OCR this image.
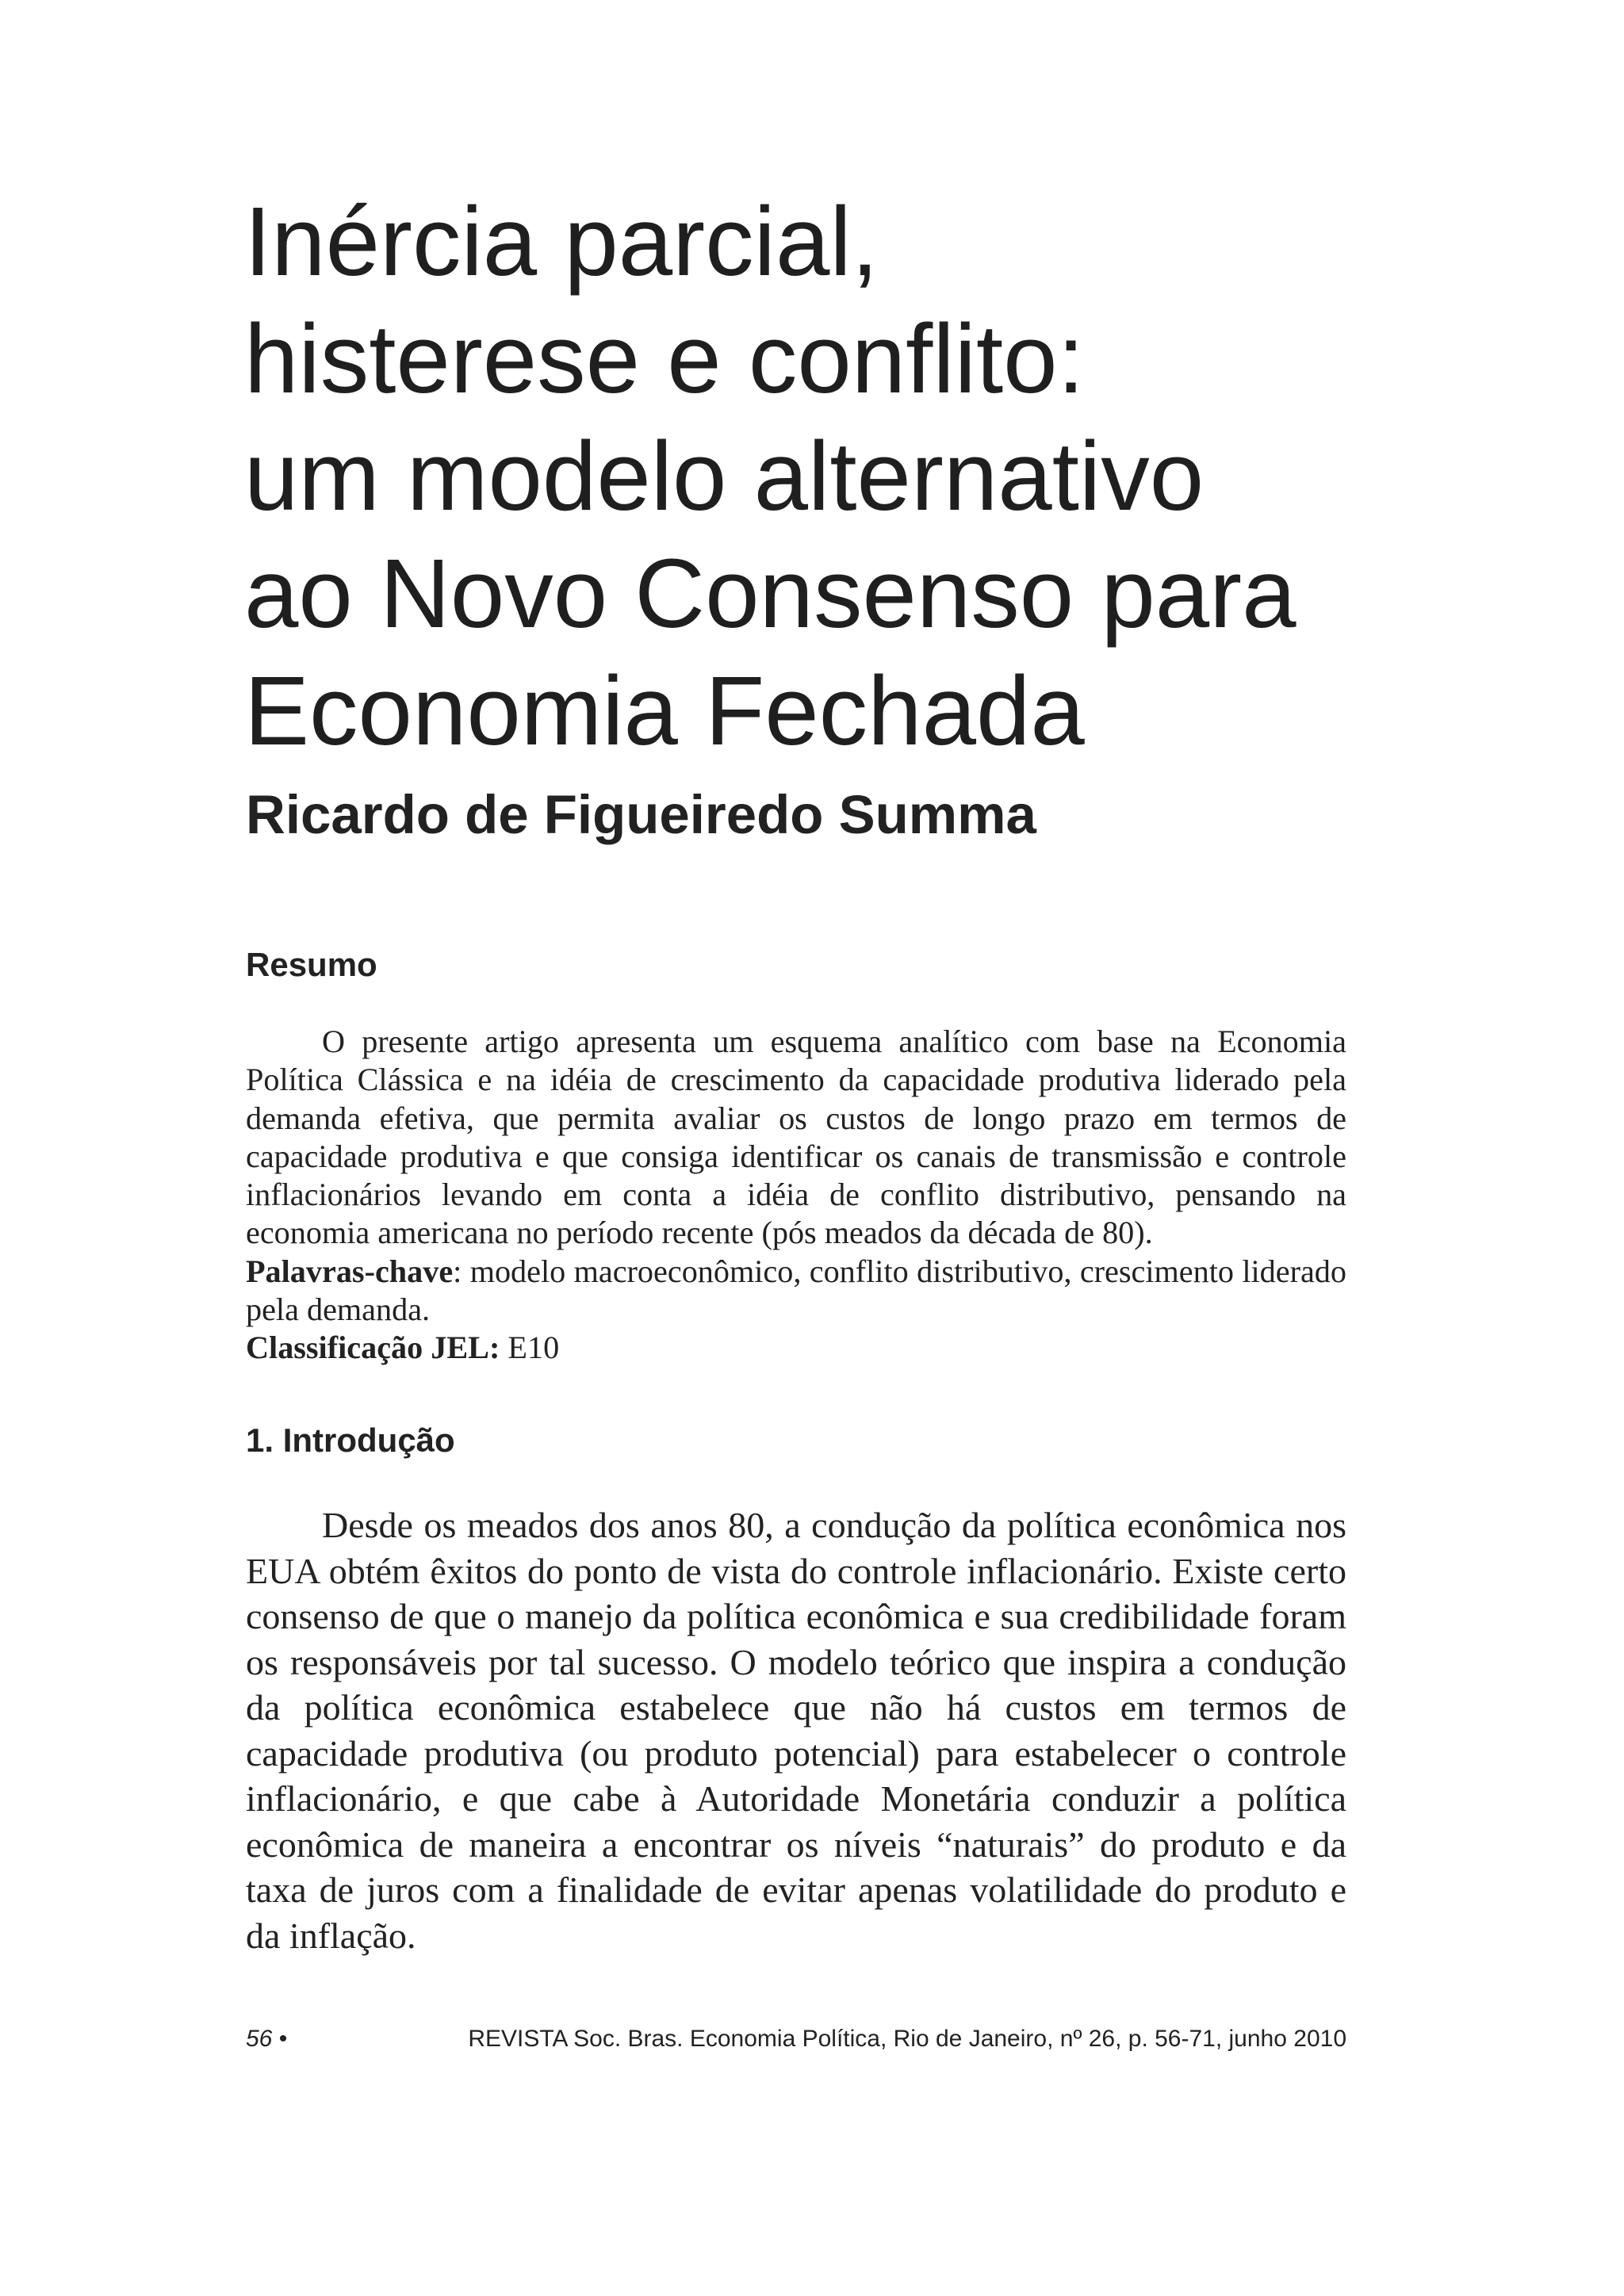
Inércia parcial,
histerese e conflito:
um modelo alternativo
ao Novo Consenso para
Economia Fechada
Ricardo de Figueiredo Summa
Resumo

O presente artigo apresenta um esquema analítico com base na Economia Política Clássica e na idéia de crescimento da capacidade produtiva liderado pela demanda efetiva, que permita avaliar os custos de longo prazo em termos de capacidade produtiva e que consiga identificar os canais de transmissão e controle inflacionários levando em conta a idéia de conflito distributivo, pensando na economia americana no período recente (pós meados da década de 80).

Palavras-chave: modelo macroeconômico, conflito distributivo, crescimento liderado pela demanda.

Classificação JEL: E10

1. Introdução

Desde os meados dos anos 80, a condução da política econômica nos EUA obtém êxitos do ponto de vista do controle inflacionário. Existe certo consenso de que o manejo da política econômica e sua credibilidade foram os responsáveis por tal sucesso. O modelo teórico que inspira a condução da política econômica estabelece que não há custos em termos de capacidade produtiva (ou produto potencial) para estabelecer o controle inflacionário, e que cabe à Autoridade Monetária conduzir a política econômica de maneira a encontrar os níveis “naturais” do produto e da taxa de juros com a finalidade de evitar apenas volatilidade do produto e da inflação.

56 •	REVISTA Soc. Bras. Economia Política, Rio de Janeiro, nº 26, p. 56-71, junho 2010
